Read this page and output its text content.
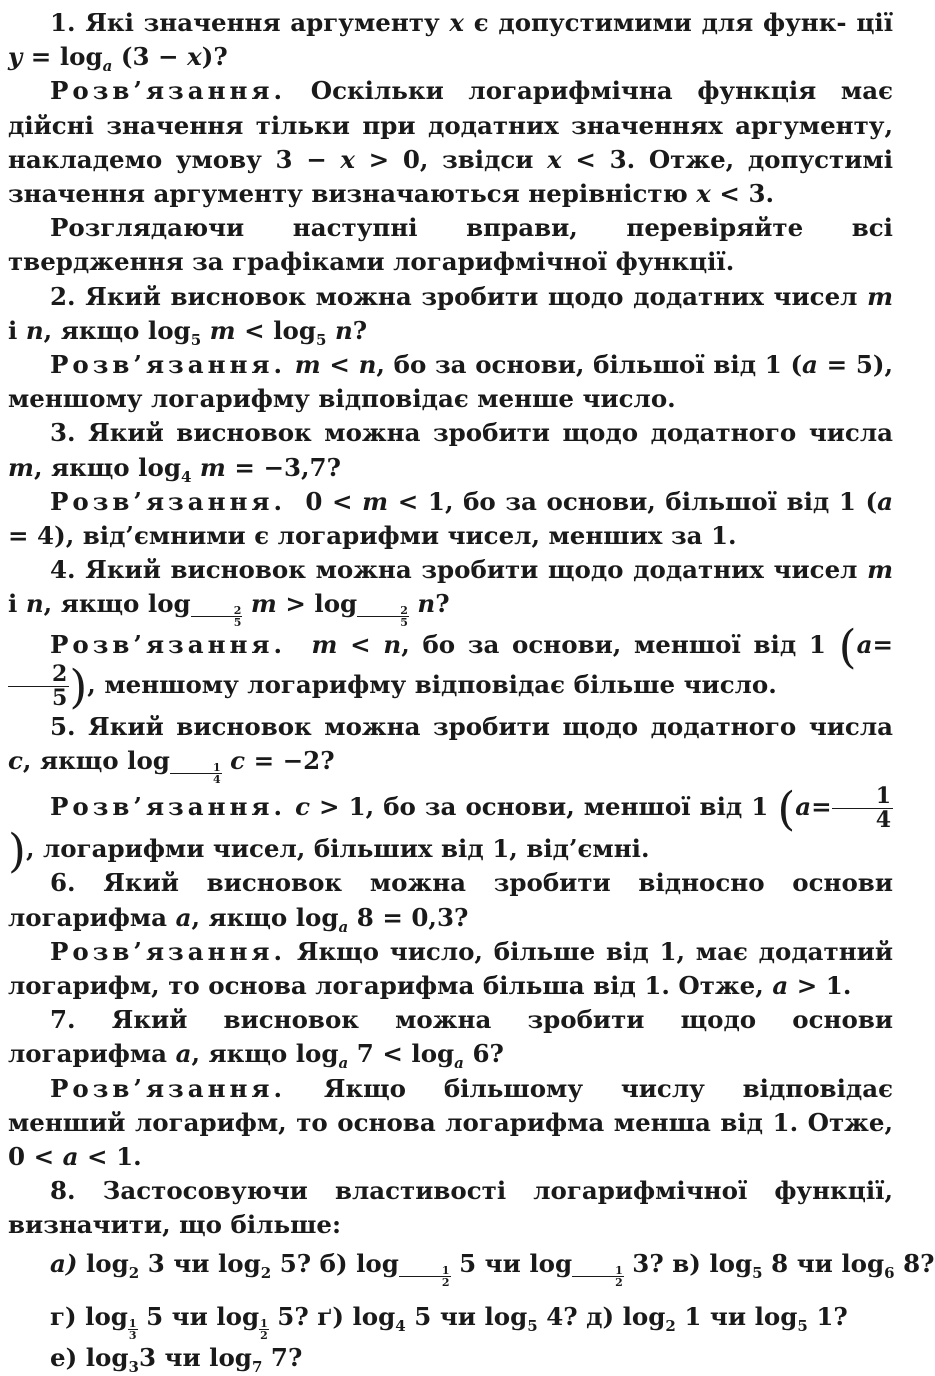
1. Які значення аргументу x є допустимими для функ- ції $y = \log_a (3 - x)$?

Розв’язання. Оскільки логарифмічна функція має дійсні значення тільки при додатних значеннях аргументу, накладемо умову 3 − x > 0, звідси x < 3. Отже, допустимі значення аргументу визначаються нерівністю x < 3.

Розглядаючи наступні вправи, перевіряйте всі твердження за графіками логарифмічної функції.

2. Який висновок можна зробити щодо додатних чисел m і n, якщо $\log_5 m < \log_5 n$?

Розв’язання. m < n, бо за основи, більшої від 1 (a = 5), меншому логарифму відповідає менше число.

3. Який висновок можна зробити щодо додатного числа m, якщо $\log_4 m = -3,7$?

Розв’язання. 0 < m < 1, бо за основи, більшої від 1 (a = 4), від’ємними є логарифми чисел, менших за 1.

4. Який висновок можна зробити щодо додатних чисел m і n, якщо $\log \frac{2}{5}$ $m > \log \frac{2}{5} n$?

Розв’язання. m < n, бо за основи, меншої від 1 (a=
$\frac{2}{5}$ ), меншому логарифму відповідає більше число.

5. Який висновок можна зробити щодо додатного числа c, якщо $\log \frac{1}{4}$ c = −2?

Розв’язання. c > 1, бо за основи, меншої від 1 ($a= \frac{1}{4}$
), логарифми чисел, більших від 1, від’ємні.

6. Який висновок можна зробити відносно основи логарифма a, якщо $\log_a 8 = 0,3$?

Розв’язання. Якщо число, більше від 1, має додатний логарифм, то основа логарифма більша від 1. Отже, a > 1.

7. Який висновок можна зробити щодо основи логарифма a, якщо $\log_a 7 < \log_a 6$?

Розв’язання. Якщо більшому числу відповідає менший логарифм, то основа логарифма менша від 1. Отже, 0 < a < 1.

8. Застосовуючи властивості логарифмічної функції, визначити, що більше:

а) $\log_2 3$ чи $\log_2 5$? б) $\log \frac{1}{2} 5$ чи $\log \frac{1}{2} 3$? в) $\log_5 8$ чи $\log_6 8$?

г) $\log \frac{1}{3} 5$ чи $\log \frac{1}{2} 5$? ґ) $\log_4 5$ чи $\log_5 4$? д) $\log_2 1$ чи $\log_5 1$?

е) $\log_33$ чи $\log_7 7$?
